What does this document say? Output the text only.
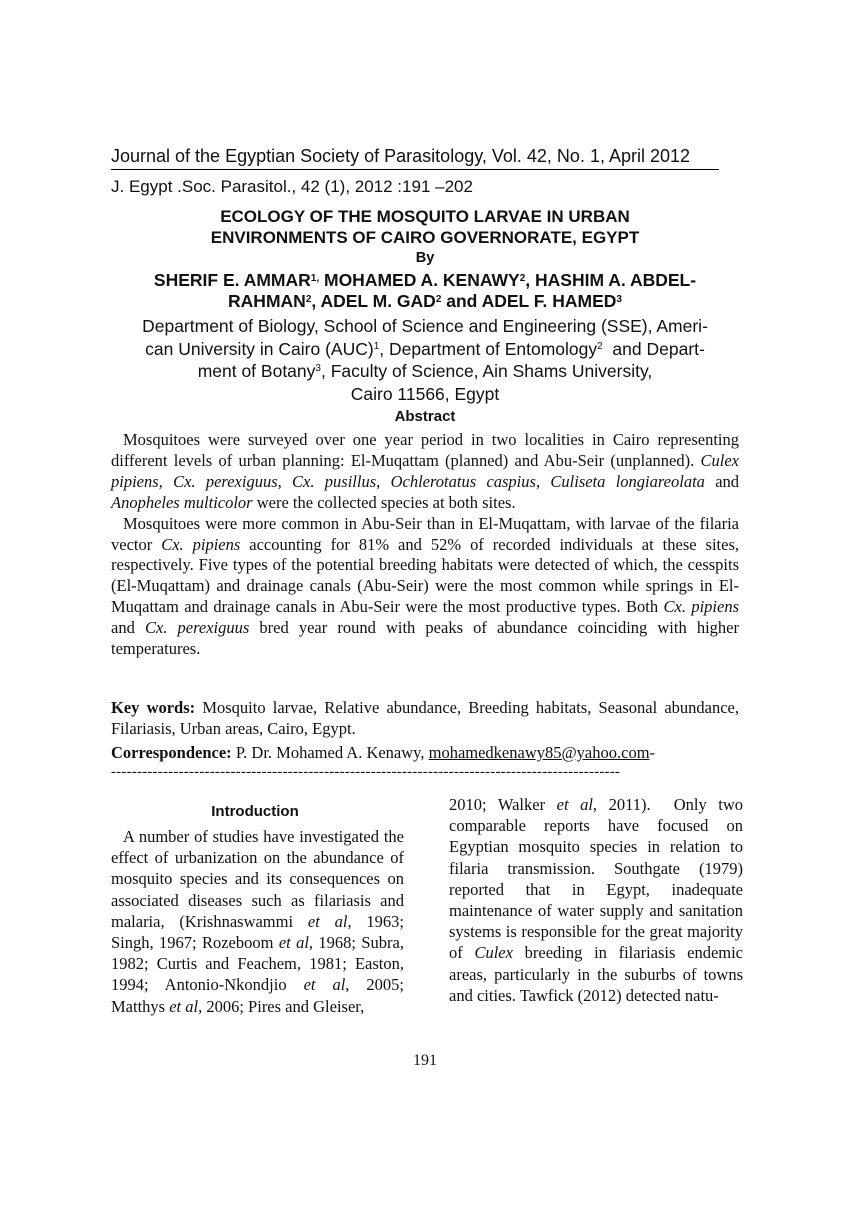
Journal of the Egyptian Society of Parasitology, Vol. 42, No. 1, April 2012
J. Egypt .Soc. Parasitol., 42 (1), 2012 :191 –202
ECOLOGY OF THE MOSQUITO LARVAE IN URBAN
ENVIRONMENTS OF CAIRO GOVERNORATE, EGYPT
By
SHERIF E. $AMMAR^{1,}$ MOHAMED A. KENAWY$^2$, HASHIM A. ABDEL-
RAHMAN$^2$, ADEL M. GAD$^2$ and ADEL F. HAMED$^3$
Department of Biology, School of Science and Engineering (SSE), Ameri-
can University in Cairo (AUC)$^1$, Department of Entomology$^2$  and Depart-
ment of Botany$^3$, Faculty of Science, Ain Shams University,
Cairo 11566, Egypt
Abstract

Mosquitoes were surveyed over one year period in two localities in Cairo representing different levels of urban planning: El-Muqattam (planned) and Abu-Seir (unplanned). Culex pipiens, Cx. perexiguus, Cx. pusillus, Ochlerotatus caspius, Culiseta longiareolata and Anopheles multicolor were the collected species at both sites.

Mosquitoes were more common in Abu-Seir than in El-Muqattam, with larvae of the filaria vector Cx. pipiens accounting for 81% and 52% of recorded individuals at these sites, respectively. Five types of the potential breeding habitats were detected of which, the cesspits (El-Muqattam) and drainage canals (Abu-Seir) were the most common while springs in El-Muqattam and drainage canals in Abu-Seir were the most productive types. Both Cx. pipiens and Cx. perexiguus bred year round with peaks of abundance coinciding with higher temperatures.

Key words: Mosquito larvae, Relative abundance, Breeding habitats, Seasonal abundance, Filariasis, Urban areas, Cairo, Egypt.
Correspondence: P. Dr. Mohamed A. Kenawy, mohamedkenawy85@yahoo.com-
--------------------------------------------------------------------------------------------------
Introduction

A number of studies have investigated the effect of urbanization on the abundance of mosquito species and its consequences on associated diseases such as filariasis and malaria, (Krishnaswammi et al, 1963; Singh, 1967; Rozeboom et al, 1968; Subra, 1982; Curtis and Feachem, 1981; Easton, 1994; Antonio-Nkondjio et al, 2005; Matthys et al, 2006; Pires and Gleiser,

2010; Walker et al, 2011).  Only two comparable reports have focused on Egyptian mosquito species in relation to filaria transmission. Southgate (1979) reported that in Egypt, inadequate maintenance of water supply and sanitation systems is responsible for the great majority of Culex breeding in filariasis endemic areas, particularly in the suburbs of towns and cities. Tawfick (2012) detected natu-

191
